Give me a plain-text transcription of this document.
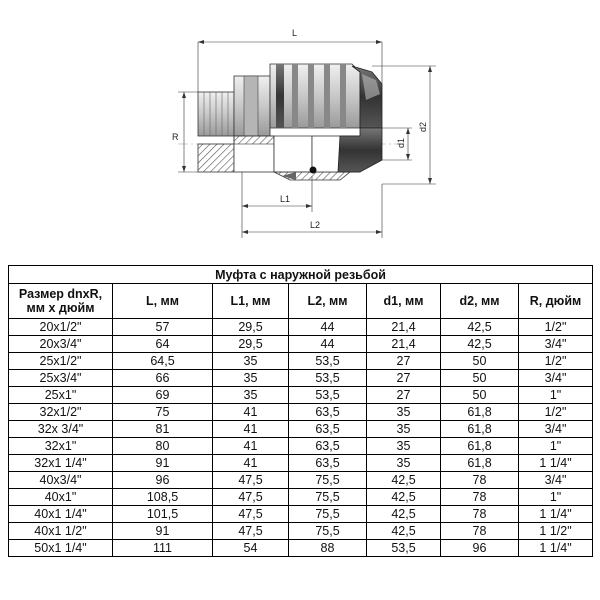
L
R
d1
d2
L1
L2
Муфта с наружной резьбой						
Размер dnxR,
мм х дюйм	L, мм	L1, мм	L2, мм	d1, мм	d2, мм	R, дюйм
20x1/2"	57	29,5	44	21,4	42,5	1/2"
20x3/4"	64	29,5	44	21,4	42,5	3/4"
25x1/2"	64,5	35	53,5	27	50	1/2"
25x3/4"	66	35	53,5	27	50	3/4"
25x1"	69	35	53,5	27	50	1"
32x1/2"	75	41	63,5	35	61,8	1/2"
32x 3/4"	81	41	63,5	35	61,8	3/4"
32x1"	80	41	63,5	35	61,8	1"
32x1 1/4"	91	41	63,5	35	61,8	1 1/4"
40x3/4"	96	47,5	75,5	42,5	78	3/4"
40x1"	108,5	47,5	75,5	42,5	78	1"
40x1 1/4"	101,5	47,5	75,5	42,5	78	1 1/4"
40x1 1/2"	91	47,5	75,5	42,5	78	1 1/2"
50x1 1/4"	111	54	88	53,5	96	1 1/4"
